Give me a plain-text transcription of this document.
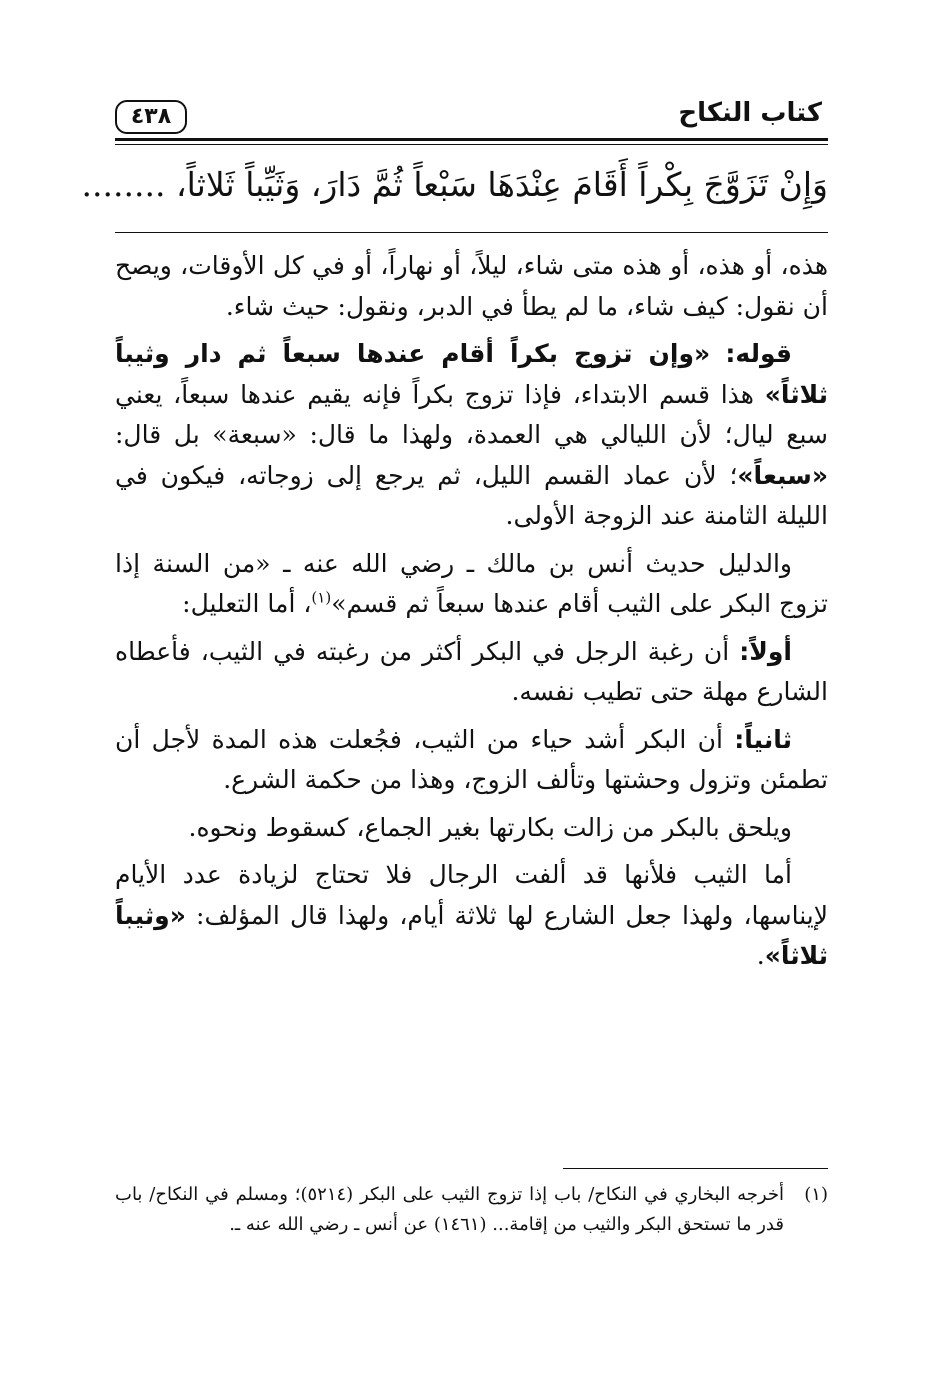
كتاب النكاح
٤٣٨
وَإِنْ تَزَوَّجَ بِكْراً أَقَامَ عِنْدَهَا سَبْعاً ثُمَّ دَارَ، وَثَيِّباً ثَلاثاً، ........

هذه، أو هذه، أو هذه متى شاء، ليلاً، أو نهاراً، أو في كل الأوقات، ويصح أن نقول: كيف شاء، ما لم يطأ في الدبر، ونقول: حيث شاء.

قوله: «وإن تزوج بكراً أقام عندها سبعاً ثم دار وثيباً ثلاثاً» هذا قسم الابتداء، فإذا تزوج بكراً فإنه يقيم عندها سبعاً، يعني سبع ليال؛ لأن الليالي هي العمدة، ولهذا ما قال: «سبعة» بل قال: «سبعاً»؛ لأن عماد القسم الليل، ثم يرجع إلى زوجاته، فيكون في الليلة الثامنة عند الزوجة الأولى.

والدليل حديث أنس بن مالك ـ رضي الله عنه ـ «من السنة إذا تزوج البكر على الثيب أقام عندها سبعاً ثم قسم»$^{(١)}$، أما التعليل:

أولاً: أن رغبة الرجل في البكر أكثر من رغبته في الثيب، فأعطاه الشارع مهلة حتى تطيب نفسه.

ثانياً: أن البكر أشد حياء من الثيب، فجُعلت هذه المدة لأجل أن تطمئن وتزول وحشتها وتألف الزوج، وهذا من حكمة الشرع.

ويلحق بالبكر من زالت بكارتها بغير الجماع، كسقوط ونحوه.

أما الثيب فلأنها قد ألفت الرجال فلا تحتاج لزيادة عدد الأيام لإيناسها، ولهذا جعل الشارع لها ثلاثة أيام، ولهذا قال المؤلف: «وثيباً ثلاثاً».

(١)
أخرجه البخاري في النكاح/ باب إذا تزوج الثيب على البكر (٥٢١٤)؛ ومسلم في النكاح/ باب قدر ما تستحق البكر والثيب من إقامة... (١٤٦١) عن أنس ـ رضي الله عنه ـ.
